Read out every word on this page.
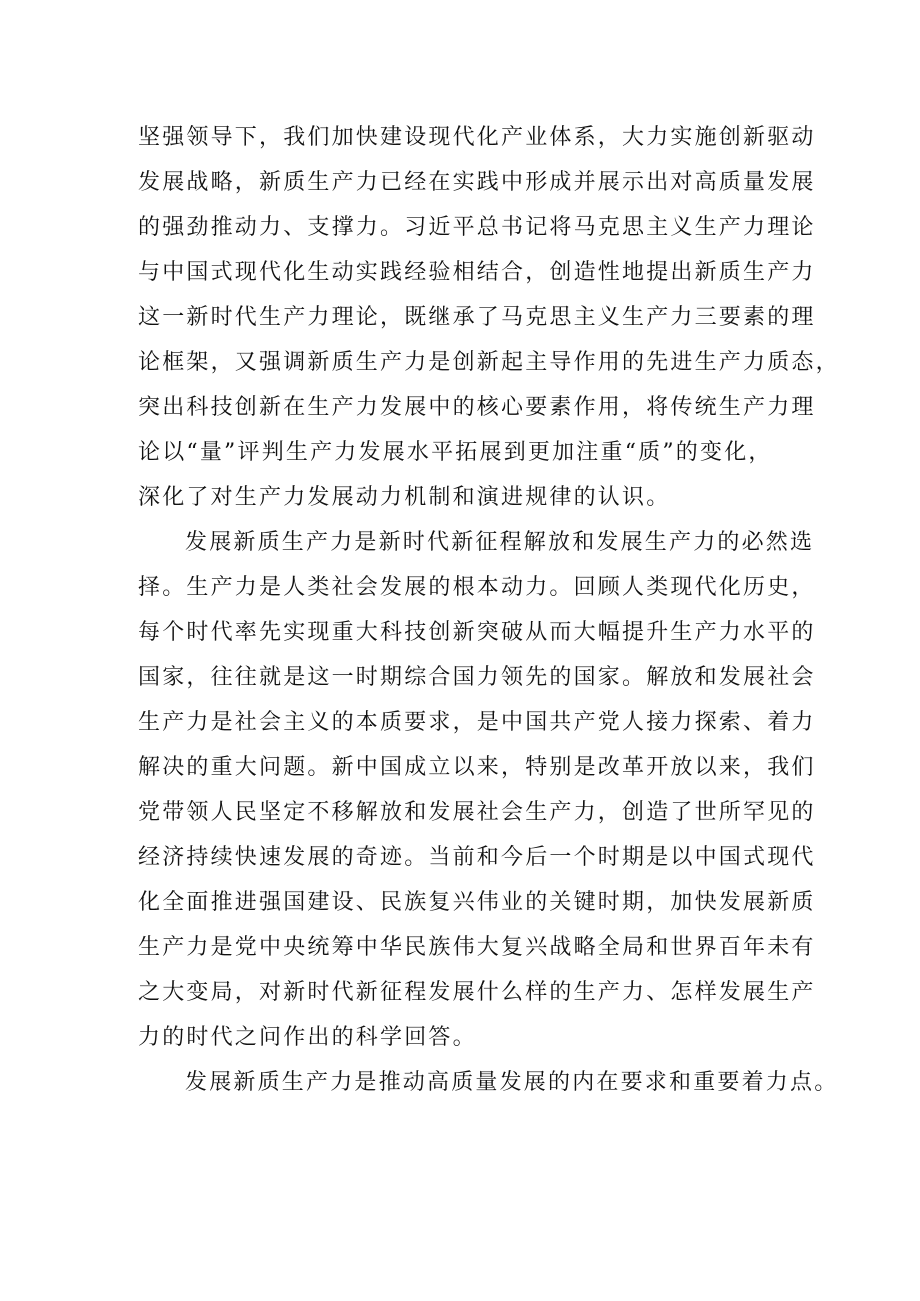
坚强领导下，我们加快建设现代化产业体系，大力实施创新驱动
发展战略，新质生产力已经在实践中形成并展示出对高质量发展
的强劲推动力、支撑力。习近平总书记将马克思主义生产力理论
与中国式现代化生动实践经验相结合，创造性地提出新质生产力
这一新时代生产力理论，既继承了马克思主义生产力三要素的理
论框架，又强调新质生产力是创新起主导作用的先进生产力质态，
突出科技创新在生产力发展中的核心要素作用，将传统生产力理
论以“量”评判生产力发展水平拓展到更加注重“质”的变化，
深化了对生产力发展动力机制和演进规律的认识。
发展新质生产力是新时代新征程解放和发展生产力的必然选
择。生产力是人类社会发展的根本动力。回顾人类现代化历史，
每个时代率先实现重大科技创新突破从而大幅提升生产力水平的
国家，往往就是这一时期综合国力领先的国家。解放和发展社会
生产力是社会主义的本质要求，是中国共产党人接力探索、着力
解决的重大问题。新中国成立以来，特别是改革开放以来，我们
党带领人民坚定不移解放和发展社会生产力，创造了世所罕见的
经济持续快速发展的奇迹。当前和今后一个时期是以中国式现代
化全面推进强国建设、民族复兴伟业的关键时期，加快发展新质
生产力是党中央统筹中华民族伟大复兴战略全局和世界百年未有
之大变局，对新时代新征程发展什么样的生产力、怎样发展生产
力的时代之问作出的科学回答。
发展新质生产力是推动高质量发展的内在要求和重要着力点。
